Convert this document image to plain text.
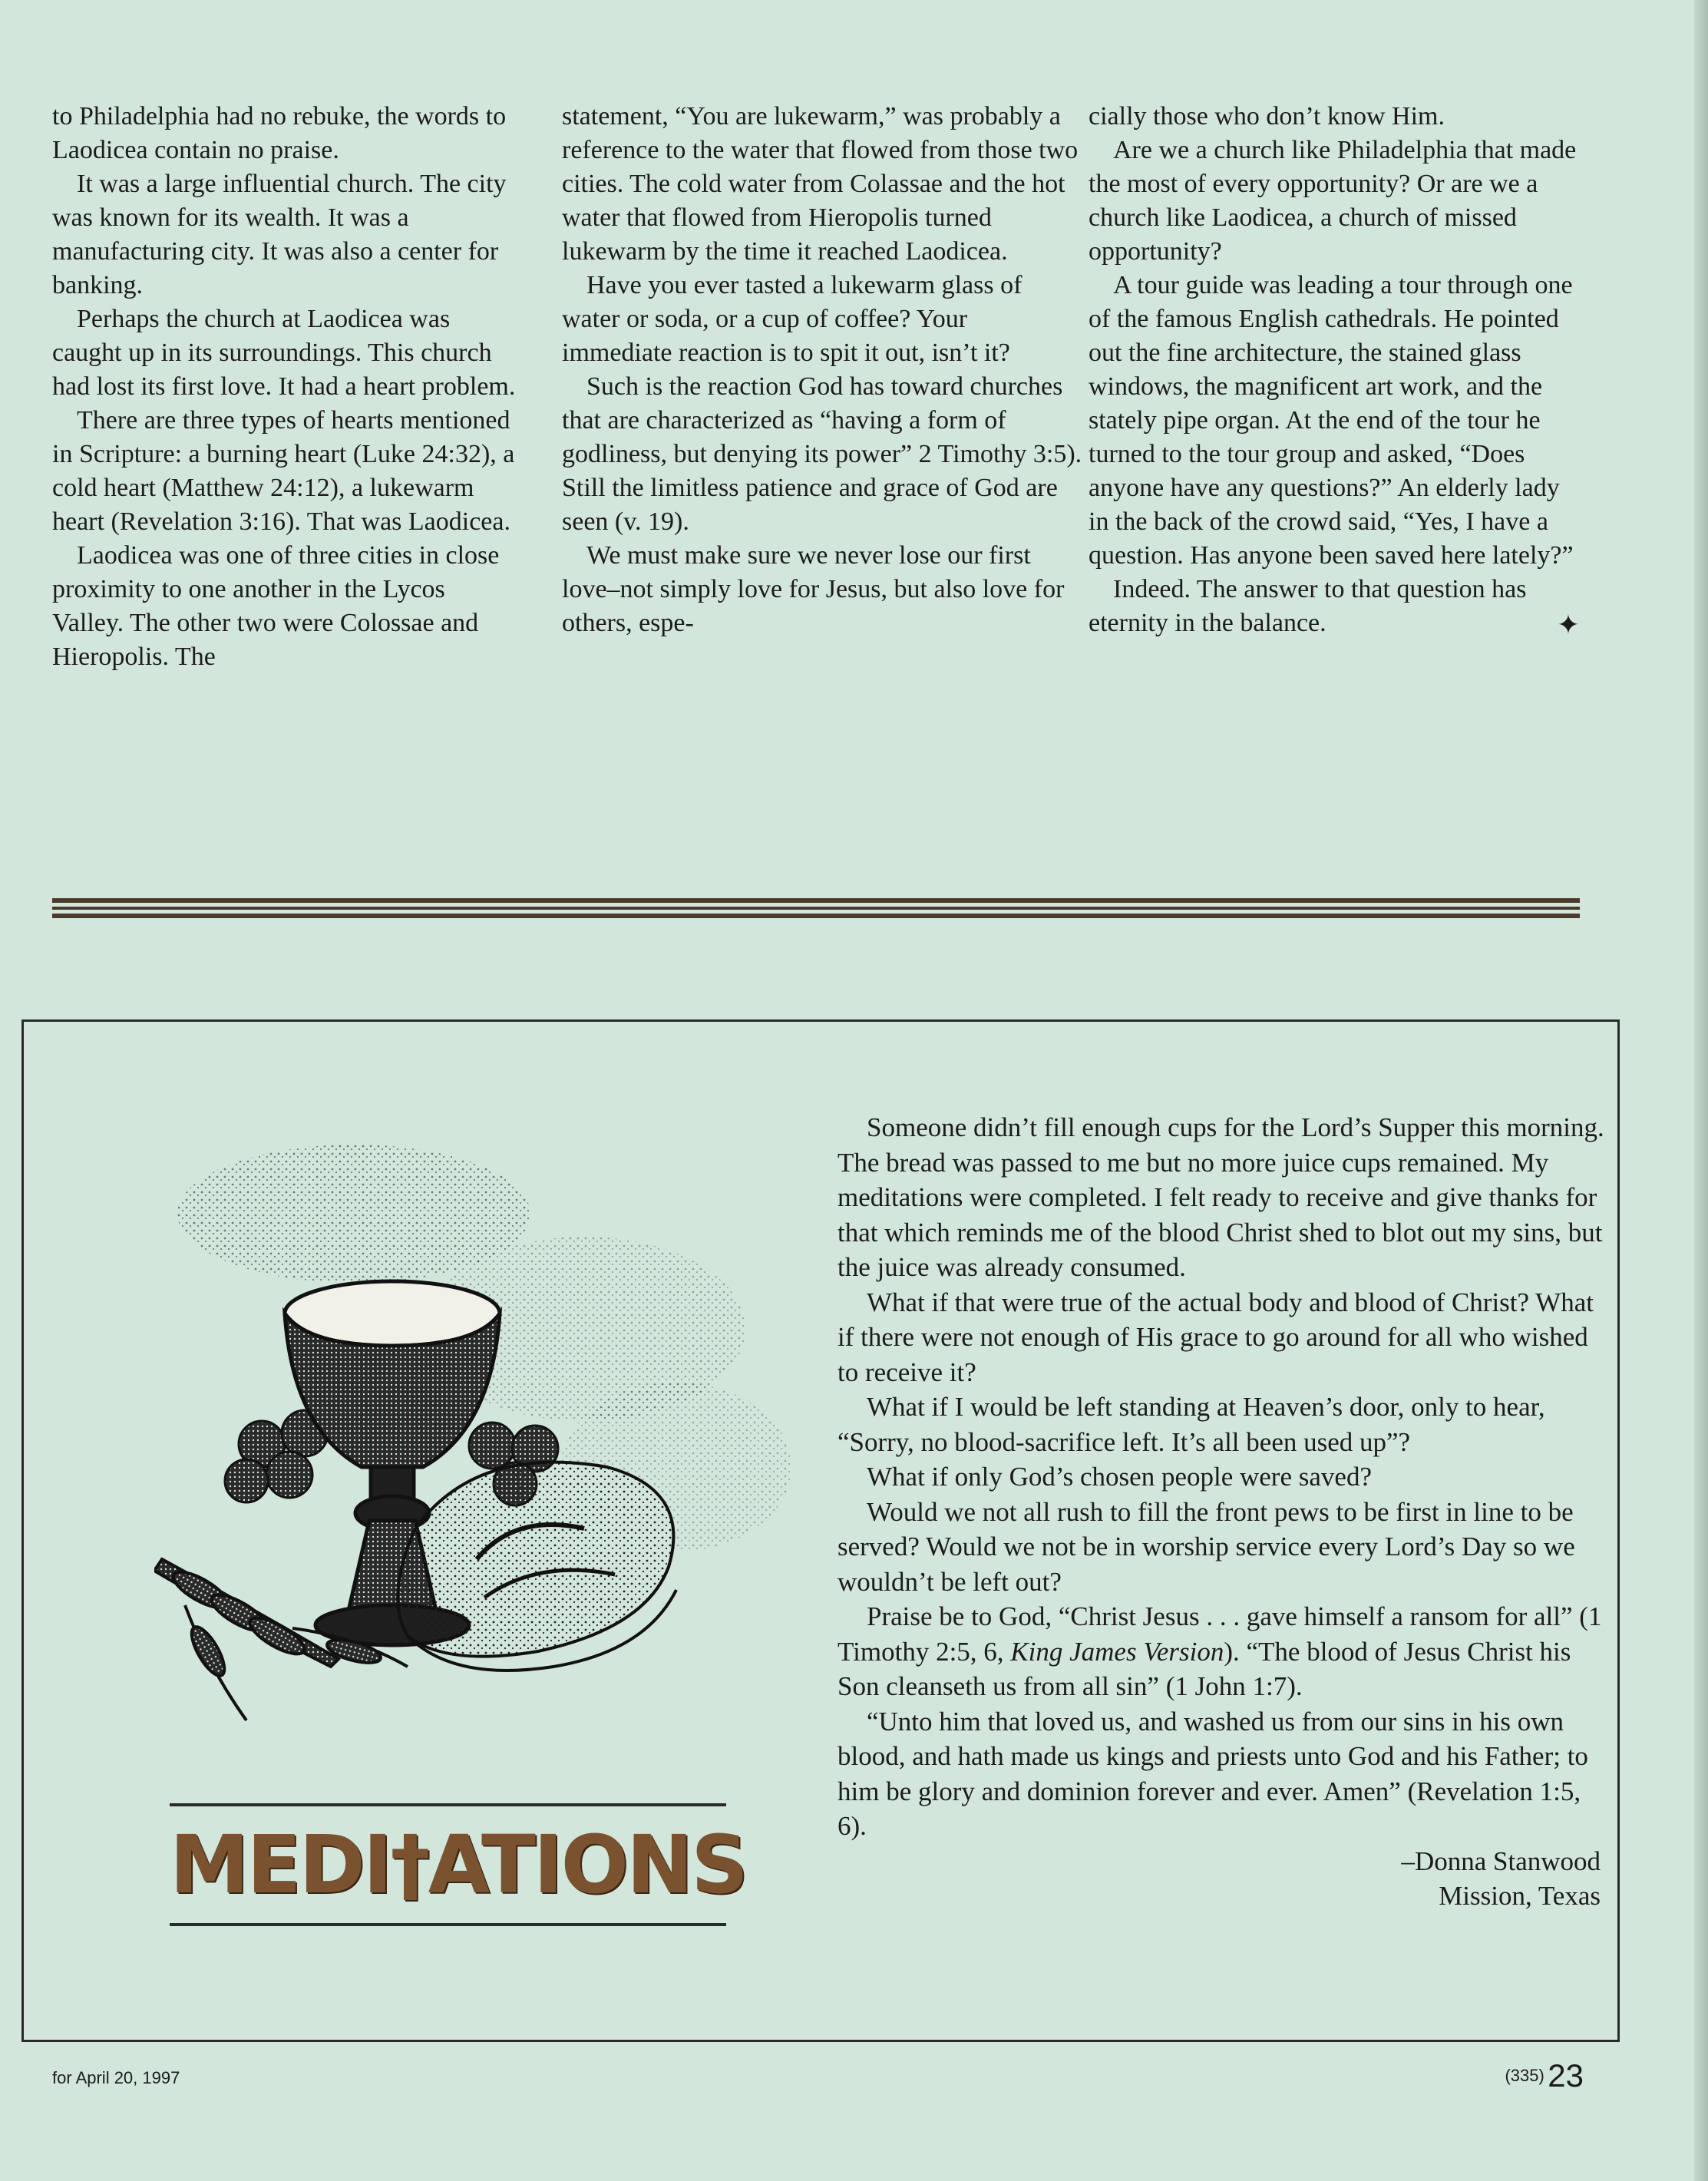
to Philadelphia had no rebuke, the words to Laodicea contain no praise.

It was a large influential church. The city was known for its wealth. It was a manufacturing city. It was also a center for banking.

Perhaps the church at Laodicea was caught up in its surroundings. This church had lost its first love. It had a heart problem.

There are three types of hearts mentioned in Scripture: a burning heart (Luke 24:32), a cold heart (Matthew 24:12), a lukewarm heart (Revelation 3:16). That was Laodicea.

Laodicea was one of three cities in close proximity to one another in the Lycos Valley. The other two were Colossae and Hieropolis. The

statement, “You are lukewarm,” was probably a reference to the water that flowed from those two cities. The cold water from Colassae and the hot water that flowed from Hieropolis turned lukewarm by the time it reached Laodicea.

Have you ever tasted a lukewarm glass of water or soda, or a cup of coffee? Your immediate reaction is to spit it out, isn’t it?

Such is the reaction God has toward churches that are characterized as “having a form of godliness, but denying its power” 2 Timothy 3:5). Still the limitless patience and grace of God are seen (v. 19).

We must make sure we never lose our first love–not simply love for Jesus, but also love for others, espe-

cially those who don’t know Him.

Are we a church like Philadelphia that made the most of every opportunity? Or are we a church like Laodicea, a church of missed opportunity?

A tour guide was leading a tour through one of the famous English cathedrals. He pointed out the fine architecture, the stained glass windows, the magnificent art work, and the stately pipe organ. At the end of the tour he turned to the tour group and asked, “Does anyone have any questions?” An elderly lady in the back of the crowd said, “Yes, I have a question. Has anyone been saved here lately?”

Indeed. The answer to that question has eternity in the balance.	✦
MEDI†ATIONS

Someone didn’t fill enough cups for the Lord’s Supper this morning. The bread was passed to me but no more juice cups remained. My meditations were completed. I felt ready to receive and give thanks for that which reminds me of the blood Christ shed to blot out my sins, but the juice was already consumed.

What if that were true of the actual body and blood of Christ? What if there were not enough of His grace to go around for all who wished to receive it?

What if I would be left standing at Heaven’s door, only to hear, “Sorry, no blood-sacrifice left. It’s all been used up”?

What if only God’s chosen people were saved?

Would we not all rush to fill the front pews to be first in line to be served? Would we not be in worship service every Lord’s Day so we wouldn’t be left out?

Praise be to God, “Christ Jesus . . . gave himself a ransom for all” (1 Timothy 2:5, 6, King James Version). “The blood of Jesus Christ his Son cleanseth us from all sin” (1 John 1:7).

“Unto him that loved us, and washed us from our sins in his own blood, and hath made us kings and priests unto God and his Father; to him be glory and dominion forever and ever. Amen” (Revelation 1:5, 6).

–Donna Stanwood

Mission, Texas

for April 20, 1997	(335) 23
